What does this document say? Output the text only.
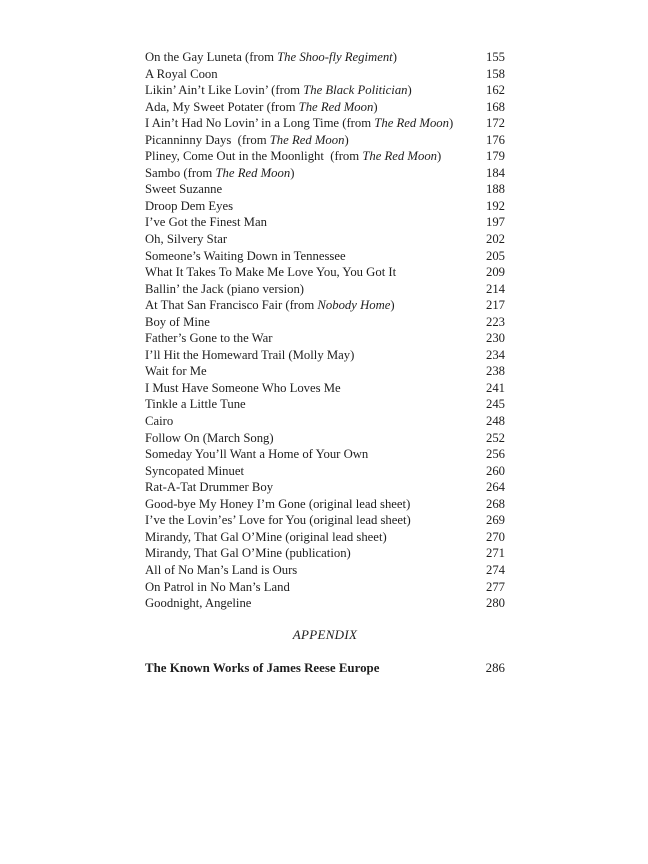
On the Gay Luneta (from The Shoo-fly Regiment)	155
A Royal Coon	158
Likin’ Ain’t Like Lovin’ (from The Black Politician)	162
Ada, My Sweet Potater (from The Red Moon)	168
I Ain’t Had No Lovin’ in a Long Time (from The Red Moon)	172
Picanninny Days  (from The Red Moon)	176
Pliney, Come Out in the Moonlight  (from The Red Moon)	179
Sambo (from The Red Moon)	184
Sweet Suzanne	188
Droop Dem Eyes	192
I’ve Got the Finest Man	197
Oh, Silvery Star	202
Someone’s Waiting Down in Tennessee	205
What It Takes To Make Me Love You, You Got It	209
Ballin’ the Jack (piano version)	214
At That San Francisco Fair (from Nobody Home)	217
Boy of Mine	223
Father’s Gone to the War	230
I’ll Hit the Homeward Trail (Molly May)	234
Wait for Me	238
I Must Have Someone Who Loves Me	241
Tinkle a Little Tune	245
Cairo	248
Follow On (March Song)	252
Someday You’ll Want a Home of Your Own	256
Syncopated Minuet	260
Rat-A-Tat Drummer Boy	264
Good-bye My Honey I’m Gone (original lead sheet)	268
I’ve the Lovin’es’ Love for You (original lead sheet)	269
Mirandy, That Gal O’Mine (original lead sheet)	270
Mirandy, That Gal O’Mine (publication)	271
All of No Man’s Land is Ours	274
On Patrol in No Man’s Land	277
Goodnight, Angeline	280
APPENDIX
The Known Works of James Reese Europe	286
